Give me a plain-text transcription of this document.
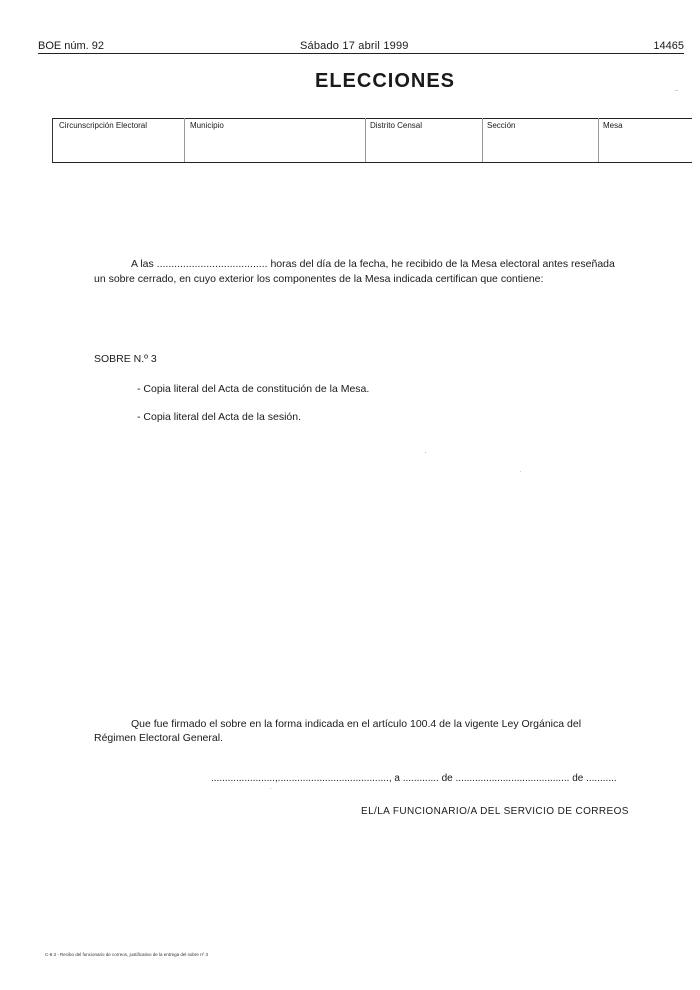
BOE núm. 92	Sábado 17 abril 1999	14465
ELECCIONES	·-
Circunscripción Electoral	Municipio	Distrito Censal	Sección	Mesa
A las ...................................... horas del día de la fecha, he recibido de la Mesa electoral antes reseñada
un sobre cerrado, en cuyo exterior los componentes de la Mesa indicada certifican que contiene:
SOBRE N.º 3
- Copia literal del Acta de constitución de la Mesa.
- Copia literal del Acta de la sesión.
Que fue firmado el sobre en la forma indicada en el artículo 100.4 de la vigente Ley Orgánica del
Régimen Electoral General.
.......................,........................................, a ............. de ......................................... de ...........
·
EL/LA FUNCIONARIO/A DEL SERVICIO DE CORREOS
C-8.3 - Recibo del funcionario de correos, justificativo de la entrega del sobre nº 3
